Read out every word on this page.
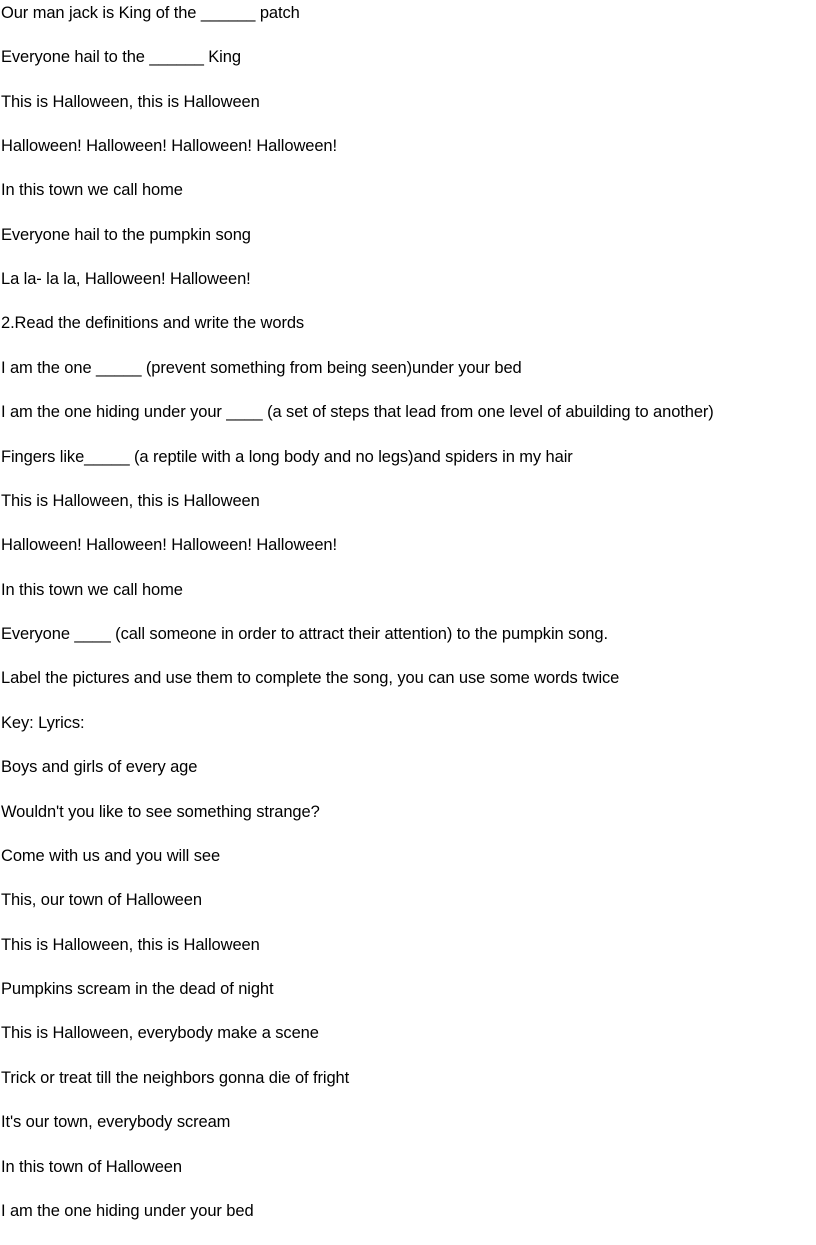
Our man jack is King of the ______ patch
Everyone hail to the ______ King
This is Halloween, this is Halloween
Halloween! Halloween! Halloween! Halloween!
In this town we call home
Everyone hail to the pumpkin song
La la- la la, Halloween! Halloween!
2.Read the definitions and write the words
I am the one _____ (prevent something from being seen)under your bed
I am the one hiding under your ____ (a set of steps that lead from one level of abuilding to another)
Fingers like_____ (a reptile with a long body and no legs)and spiders in my hair
This is Halloween, this is Halloween
Halloween! Halloween! Halloween! Halloween!
In this town we call home
Everyone ____ (call someone in order to attract their attention) to the pumpkin song.
Label the pictures and use them to complete the song, you can use some words twice
Key: Lyrics:
Boys and girls of every age
Wouldn't you like to see something strange?
Come with us and you will see
This, our town of Halloween
This is Halloween, this is Halloween
Pumpkins scream in the dead of night
This is Halloween, everybody make a scene
Trick or treat till the neighbors gonna die of fright
It's our town, everybody scream
In this town of Halloween
I am the one hiding under your bed
